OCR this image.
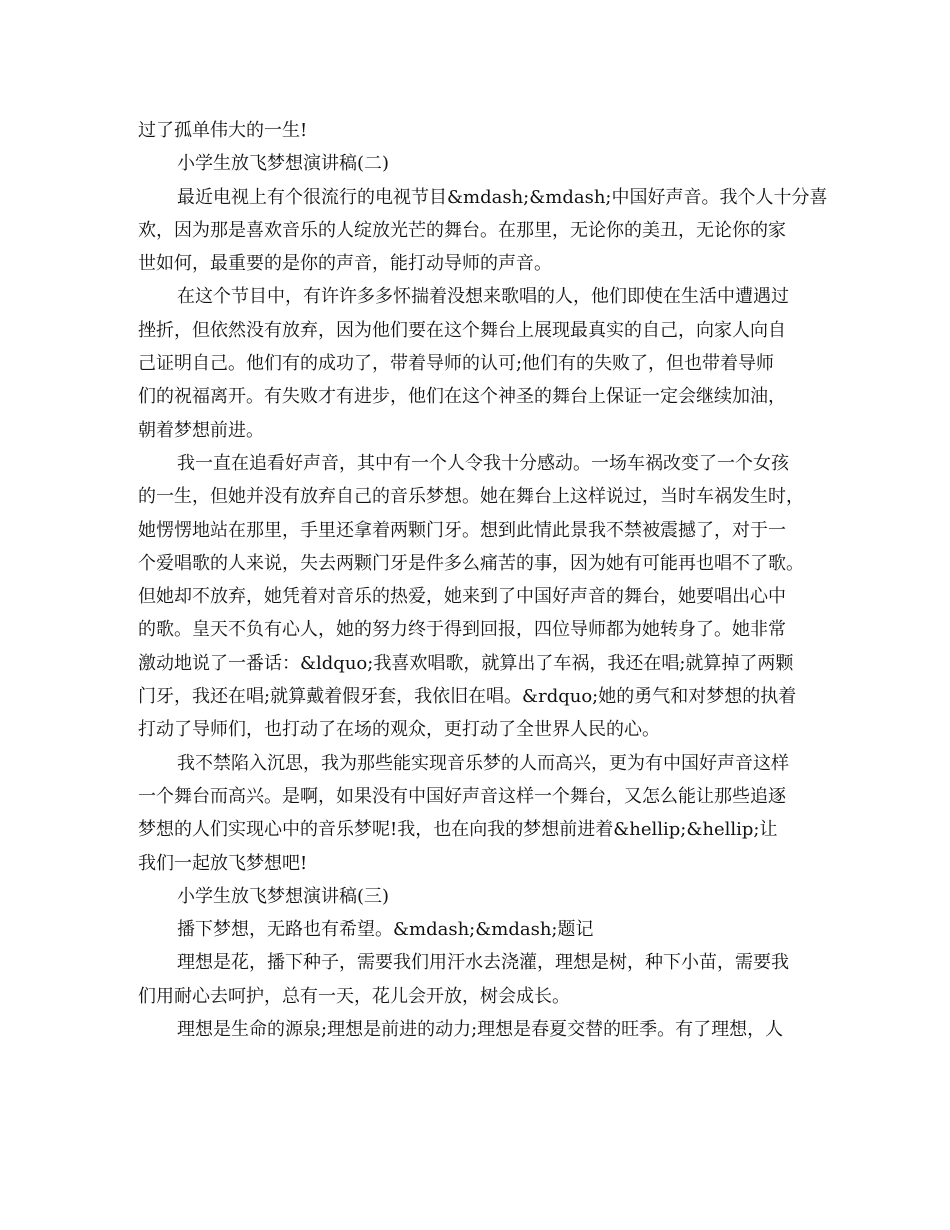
过了孤单伟大的一生!
小学生放飞梦想演讲稿(二)
最近电视上有个很流行的电视节目&mdash;&mdash;中国好声音。我个人十分喜
欢，因为那是喜欢音乐的人绽放光芒的舞台。在那里，无论你的美丑，无论你的家
世如何，最重要的是你的声音，能打动导师的声音。
在这个节目中，有许许多多怀揣着没想来歌唱的人，他们即使在生活中遭遇过
挫折，但依然没有放弃，因为他们要在这个舞台上展现最真实的自己，向家人向自
己证明自己。他们有的成功了，带着导师的认可;他们有的失败了，但也带着导师
们的祝福离开。有失败才有进步，他们在这个神圣的舞台上保证一定会继续加油，
朝着梦想前进。
我一直在追看好声音，其中有一个人令我十分感动。一场车祸改变了一个女孩
的一生，但她并没有放弃自己的音乐梦想。她在舞台上这样说过，当时车祸发生时，
她愣愣地站在那里，手里还拿着两颗门牙。想到此情此景我不禁被震撼了，对于一
个爱唱歌的人来说，失去两颗门牙是件多么痛苦的事，因为她有可能再也唱不了歌。
但她却不放弃，她凭着对音乐的热爱，她来到了中国好声音的舞台，她要唱出心中
的歌。皇天不负有心人，她的努力终于得到回报，四位导师都为她转身了。她非常
激动地说了一番话：&ldquo;我喜欢唱歌，就算出了车祸，我还在唱;就算掉了两颗
门牙，我还在唱;就算戴着假牙套，我依旧在唱。&rdquo;她的勇气和对梦想的执着
打动了导师们，也打动了在场的观众，更打动了全世界人民的心。
我不禁陷入沉思，我为那些能实现音乐梦的人而高兴，更为有中国好声音这样
一个舞台而高兴。是啊，如果没有中国好声音这样一个舞台，又怎么能让那些追逐
梦想的人们实现心中的音乐梦呢!我，也在向我的梦想前进着&hellip;&hellip;让
我们一起放飞梦想吧!
小学生放飞梦想演讲稿(三)
播下梦想，无路也有希望。&mdash;&mdash;题记
理想是花，播下种子，需要我们用汗水去浇灌，理想是树，种下小苗，需要我
们用耐心去呵护，总有一天，花儿会开放，树会成长。
理想是生命的源泉;理想是前进的动力;理想是春夏交替的旺季。有了理想，人
